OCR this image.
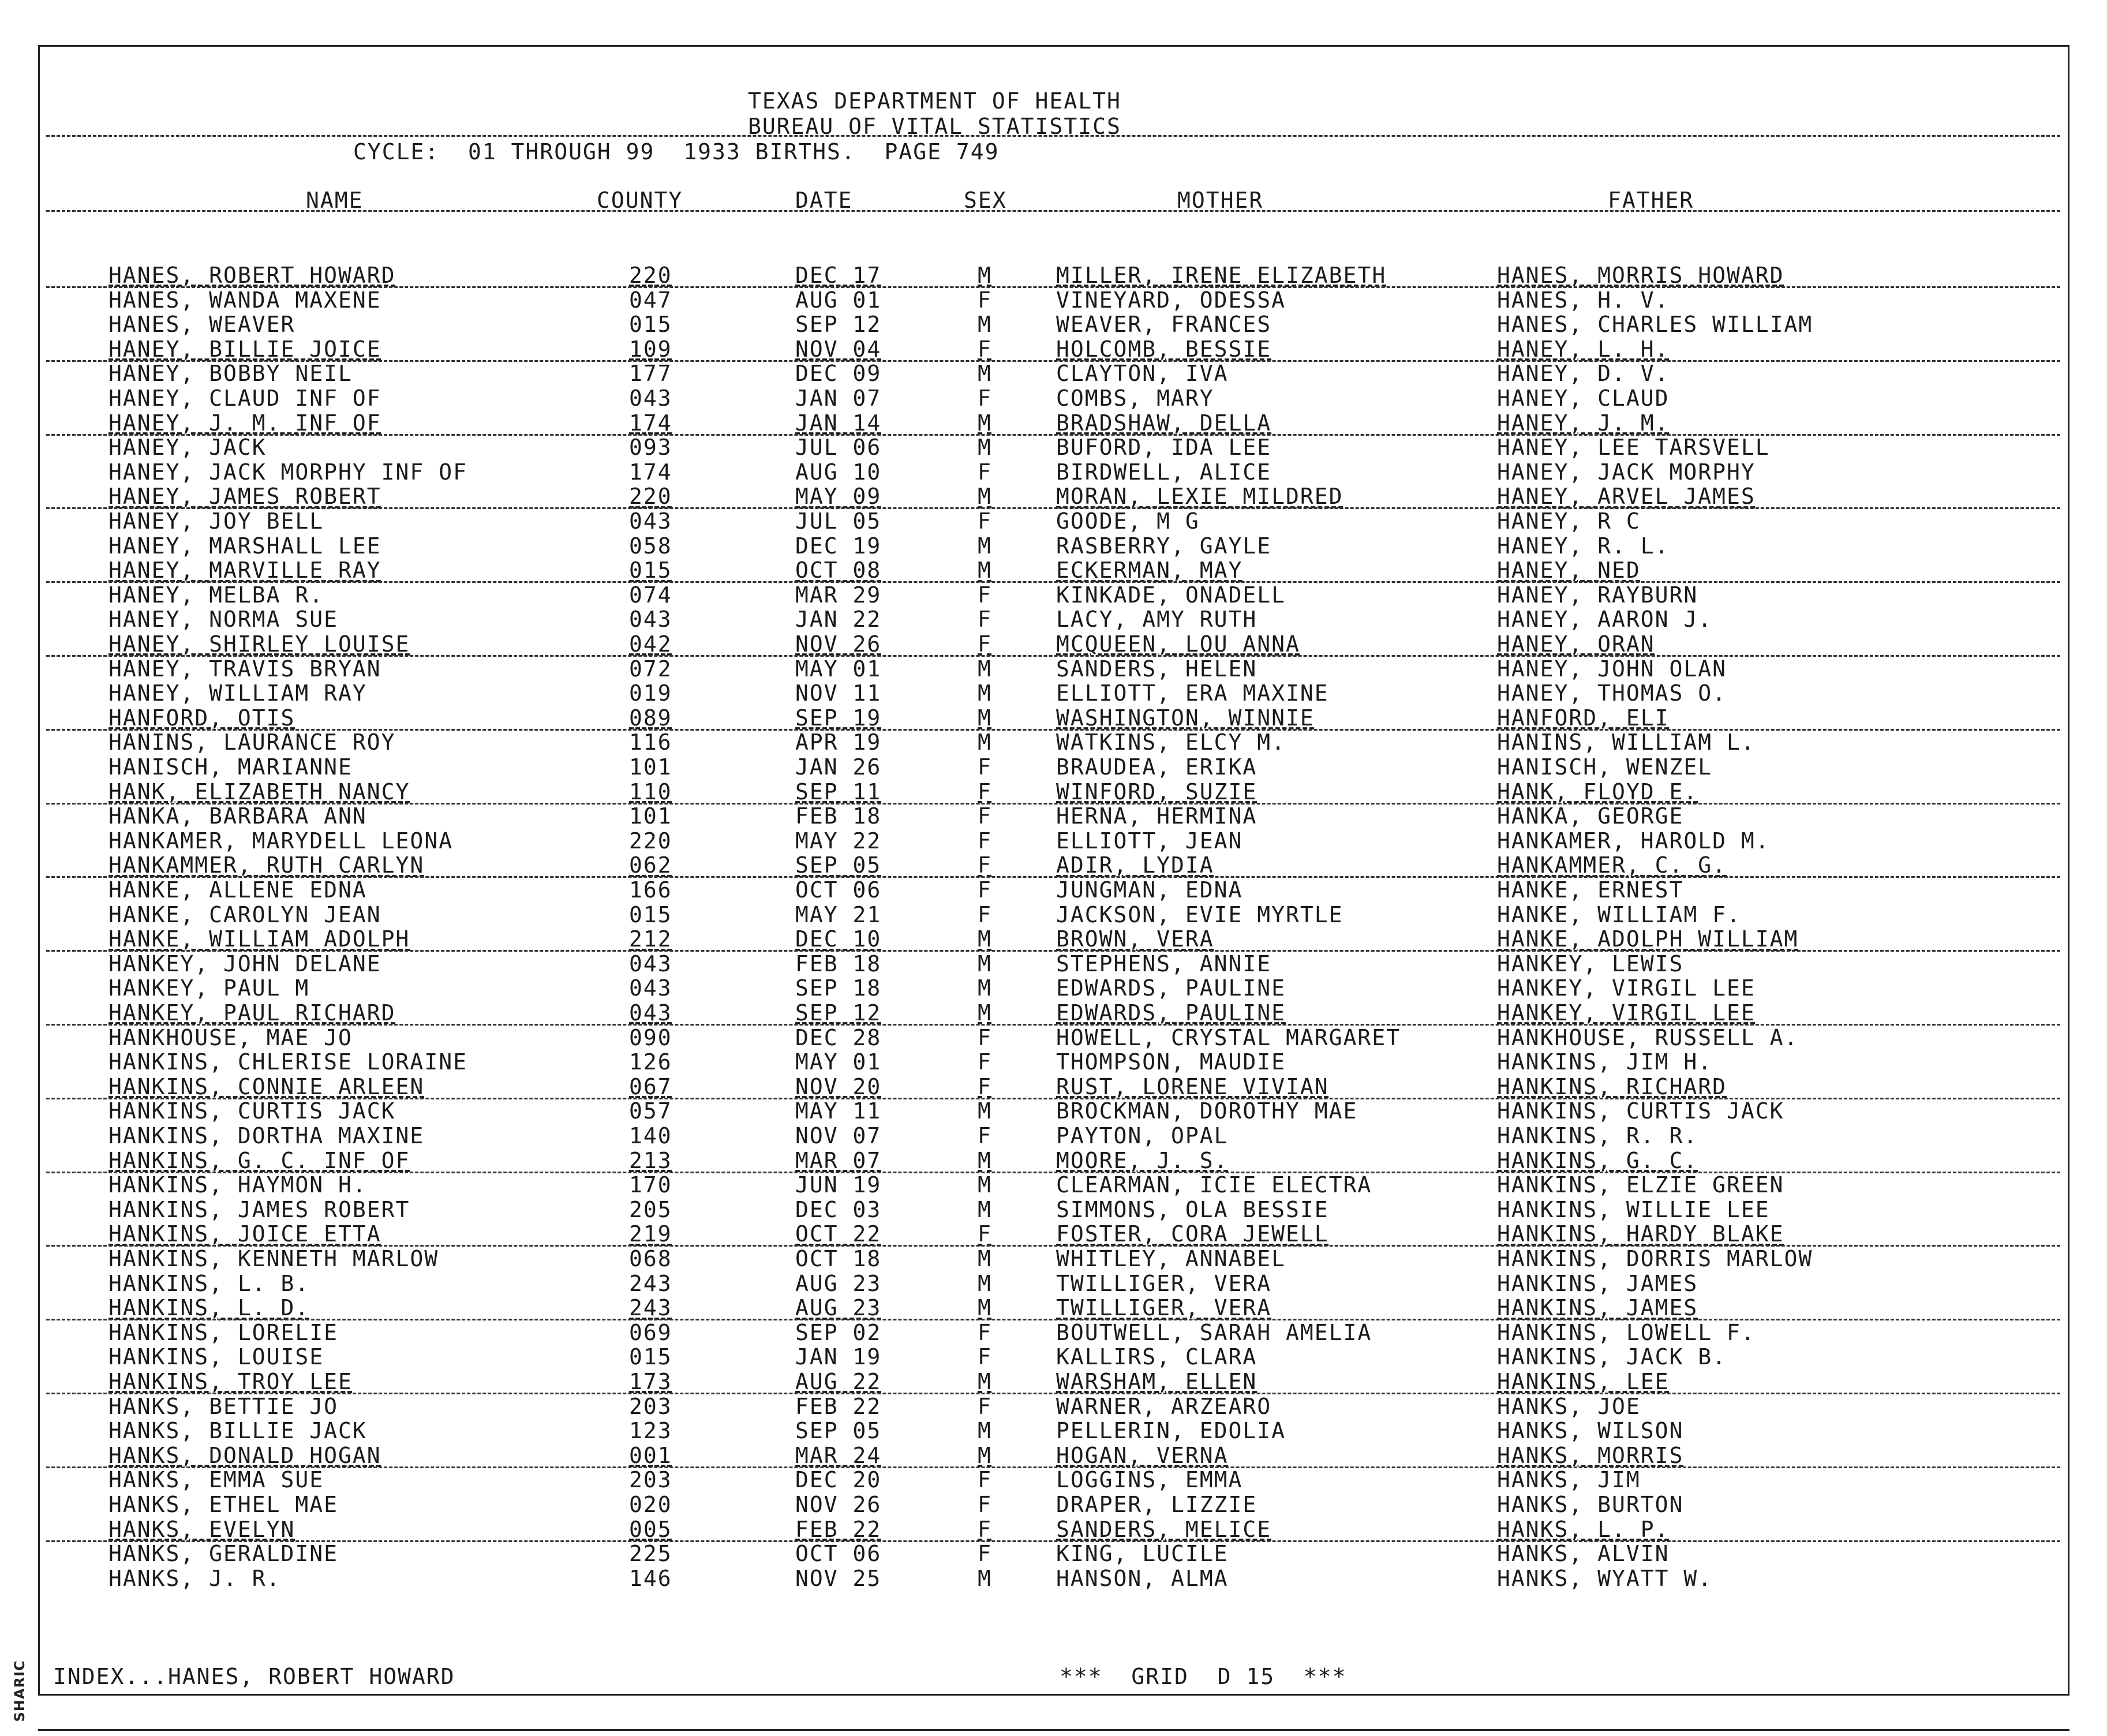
SHARIC
TEXAS DEPARTMENT OF HEALTH
BUREAU OF VITAL STATISTICS
CYCLE:  01 THROUGH 99  1933 BIRTHS.  PAGE 749
NAME	COUNTY	DATE	SEX	MOTHER	FATHER
HANES, ROBERT HOWARD	220	DEC 17	M	MILLER, IRENE ELIZABETH	HANES, MORRIS HOWARD
HANES, WANDA MAXENE	047	AUG 01	F	VINEYARD, ODESSA	HANES, H. V.
HANES, WEAVER	015	SEP 12	M	WEAVER, FRANCES	HANES, CHARLES WILLIAM
HANEY, BILLIE JOICE	109	NOV 04	F	HOLCOMB, BESSIE	HANEY, L. H.
HANEY, BOBBY NEIL	177	DEC 09	M	CLAYTON, IVA	HANEY, D. V.
HANEY, CLAUD INF OF	043	JAN 07	F	COMBS, MARY	HANEY, CLAUD
HANEY, J. M. INF OF	174	JAN 14	M	BRADSHAW, DELLA	HANEY, J. M.
HANEY, JACK	093	JUL 06	M	BUFORD, IDA LEE	HANEY, LEE TARSVELL
HANEY, JACK MORPHY INF OF	174	AUG 10	F	BIRDWELL, ALICE	HANEY, JACK MORPHY
HANEY, JAMES ROBERT	220	MAY 09	M	MORAN, LEXIE MILDRED	HANEY, ARVEL JAMES
HANEY, JOY BELL	043	JUL 05	F	GOODE, M G	HANEY, R C
HANEY, MARSHALL LEE	058	DEC 19	M	RASBERRY, GAYLE	HANEY, R. L.
HANEY, MARVILLE RAY	015	OCT 08	M	ECKERMAN, MAY	HANEY, NED
HANEY, MELBA R.	074	MAR 29	F	KINKADE, ONADELL	HANEY, RAYBURN
HANEY, NORMA SUE	043	JAN 22	F	LACY, AMY RUTH	HANEY, AARON J.
HANEY, SHIRLEY LOUISE	042	NOV 26	F	MCQUEEN, LOU ANNA	HANEY, ORAN
HANEY, TRAVIS BRYAN	072	MAY 01	M	SANDERS, HELEN	HANEY, JOHN OLAN
HANEY, WILLIAM RAY	019	NOV 11	M	ELLIOTT, ERA MAXINE	HANEY, THOMAS O.
HANFORD, OTIS	089	SEP 19	M	WASHINGTON, WINNIE	HANFORD, ELI
HANINS, LAURANCE ROY	116	APR 19	M	WATKINS, ELCY M.	HANINS, WILLIAM L.
HANISCH, MARIANNE	101	JAN 26	F	BRAUDEA, ERIKA	HANISCH, WENZEL
HANK, ELIZABETH NANCY	110	SEP 11	F	WINFORD, SUZIE	HANK, FLOYD E.
HANKA, BARBARA ANN	101	FEB 18	F	HERNA, HERMINA	HANKA, GEORGE
HANKAMER, MARYDELL LEONA	220	MAY 22	F	ELLIOTT, JEAN	HANKAMER, HAROLD M.
HANKAMMER, RUTH CARLYN	062	SEP 05	F	ADIR, LYDIA	HANKAMMER, C. G.
HANKE, ALLENE EDNA	166	OCT 06	F	JUNGMAN, EDNA	HANKE, ERNEST
HANKE, CAROLYN JEAN	015	MAY 21	F	JACKSON, EVIE MYRTLE	HANKE, WILLIAM F.
HANKE, WILLIAM ADOLPH	212	DEC 10	M	BROWN, VERA	HANKE, ADOLPH WILLIAM
HANKEY, JOHN DELANE	043	FEB 18	M	STEPHENS, ANNIE	HANKEY, LEWIS
HANKEY, PAUL M	043	SEP 18	M	EDWARDS, PAULINE	HANKEY, VIRGIL LEE
HANKEY, PAUL RICHARD	043	SEP 12	M	EDWARDS, PAULINE	HANKEY, VIRGIL LEE
HANKHOUSE, MAE JO	090	DEC 28	F	HOWELL, CRYSTAL MARGARET	HANKHOUSE, RUSSELL A.
HANKINS, CHLERISE LORAINE	126	MAY 01	F	THOMPSON, MAUDIE	HANKINS, JIM H.
HANKINS, CONNIE ARLEEN	067	NOV 20	F	RUST, LORENE VIVIAN	HANKINS, RICHARD
HANKINS, CURTIS JACK	057	MAY 11	M	BROCKMAN, DOROTHY MAE	HANKINS, CURTIS JACK
HANKINS, DORTHA MAXINE	140	NOV 07	F	PAYTON, OPAL	HANKINS, R. R.
HANKINS, G. C. INF OF	213	MAR 07	M	MOORE, J. S.	HANKINS, G. C.
HANKINS, HAYMON H.	170	JUN 19	M	CLEARMAN, ICIE ELECTRA	HANKINS, ELZIE GREEN
HANKINS, JAMES ROBERT	205	DEC 03	M	SIMMONS, OLA BESSIE	HANKINS, WILLIE LEE
HANKINS, JOICE ETTA	219	OCT 22	F	FOSTER, CORA JEWELL	HANKINS, HARDY BLAKE
HANKINS, KENNETH MARLOW	068	OCT 18	M	WHITLEY, ANNABEL	HANKINS, DORRIS MARLOW
HANKINS, L. B.	243	AUG 23	M	TWILLIGER, VERA	HANKINS, JAMES
HANKINS, L. D.	243	AUG 23	M	TWILLIGER, VERA	HANKINS, JAMES
HANKINS, LORELIE	069	SEP 02	F	BOUTWELL, SARAH AMELIA	HANKINS, LOWELL F.
HANKINS, LOUISE	015	JAN 19	F	KALLIRS, CLARA	HANKINS, JACK B.
HANKINS, TROY LEE	173	AUG 22	M	WARSHAM, ELLEN	HANKINS, LEE
HANKS, BETTIE JO	203	FEB 22	F	WARNER, ARZEARO	HANKS, JOE
HANKS, BILLIE JACK	123	SEP 05	M	PELLERIN, EDOLIA	HANKS, WILSON
HANKS, DONALD HOGAN	001	MAR 24	M	HOGAN, VERNA	HANKS, MORRIS
HANKS, EMMA SUE	203	DEC 20	F	LOGGINS, EMMA	HANKS, JIM
HANKS, ETHEL MAE	020	NOV 26	F	DRAPER, LIZZIE	HANKS, BURTON
HANKS, EVELYN	005	FEB 22	F	SANDERS, MELICE	HANKS, L. P.
HANKS, GERALDINE	225	OCT 06	F	KING, LUCILE	HANKS, ALVIN
HANKS, J. R.	146	NOV 25	M	HANSON, ALMA	HANKS, WYATT W.
INDEX...HANES, ROBERT HOWARD	***  GRID  D 15  ***
